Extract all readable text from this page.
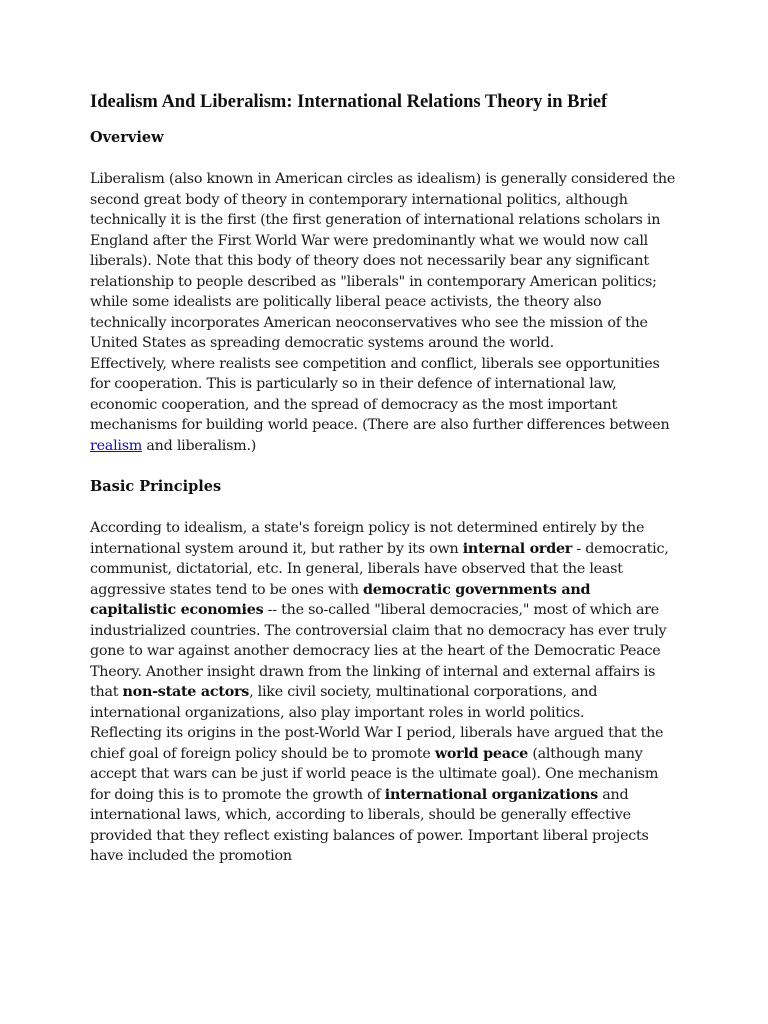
Idealism And Liberalism: International Relations Theory in Brief
Overview

Liberalism (also known in American circles as idealism) is generally considered the second great body of theory in contemporary international politics, although technically it is the first (the first generation of international relations scholars in England after the First World War were predominantly what we would now call liberals). Note that this body of theory does not necessarily bear any significant relationship to people described as "liberals" in contemporary American politics; while some idealists are politically liberal peace activists, the theory also technically incorporates American neoconservatives who see the mission of the United States as spreading democratic systems around the world.

Effectively, where realists see competition and conflict, liberals see opportunities for cooperation. This is particularly so in their defence of international law, economic cooperation, and the spread of democracy as the most important mechanisms for building world peace. (There are also further differences between realism and liberalism.)

Basic Principles

According to idealism, a state's foreign policy is not determined entirely by the international system around it, but rather by its own internal order - democratic, communist, dictatorial, etc. In general, liberals have observed that the least aggressive states tend to be ones with democratic governments and capitalistic economies -- the so-called "liberal democracies," most of which are industrialized countries. The controversial claim that no democracy has ever truly gone to war against another democracy lies at the heart of the Democratic Peace Theory. Another insight drawn from the linking of internal and external affairs is that non-state actors, like civil society, multinational corporations, and international organizations, also play important roles in world politics.

Reflecting its origins in the post-World War I period, liberals have argued that the chief goal of foreign policy should be to promote world peace (although many accept that wars can be just if world peace is the ultimate goal). One mechanism for doing this is to promote the growth of international organizations and international laws, which, according to liberals, should be generally effective provided that they reflect existing balances of power. Important liberal projects have included the promotion
